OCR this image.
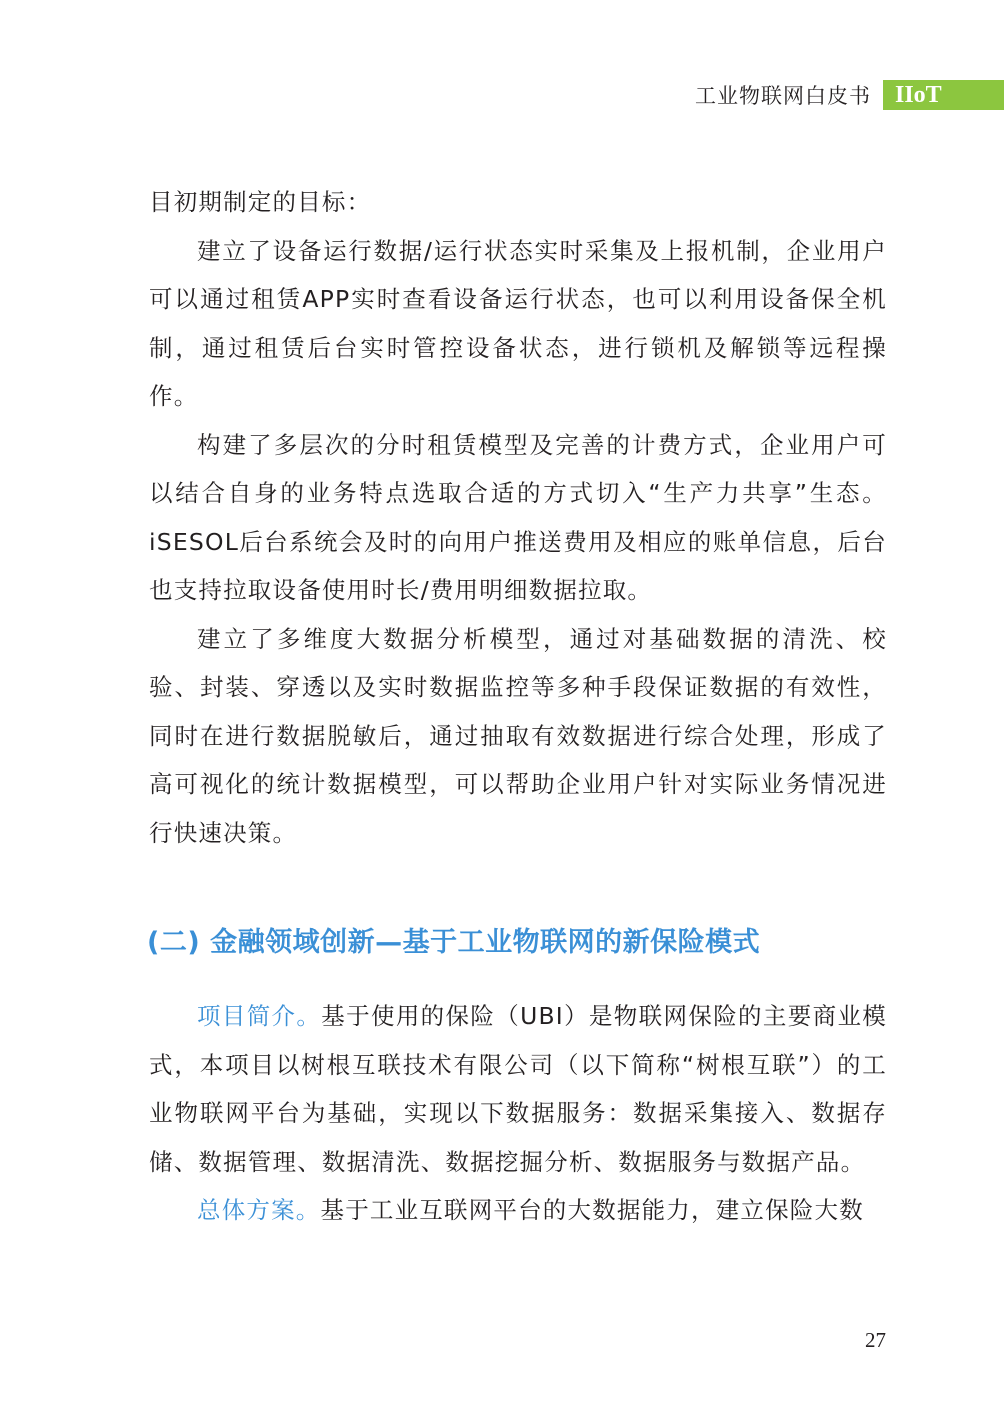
工业物联网白皮书	IIoT

目初期制定的目标：

建立了设备运行数据/运行状态实时采集及上报机制，企业用户可以通过租赁APP实时查看设备运行状态，也可以利用设备保全机制，通过租赁后台实时管控设备状态，进行锁机及解锁等远程操作。

构建了多层次的分时租赁模型及完善的计费方式，企业用户可以结合自身的业务特点选取合适的方式切入“生产力共享”生态。iSESOL后台系统会及时的向用户推送费用及相应的账单信息，后台也支持拉取设备使用时长/费用明细数据拉取。

建立了多维度大数据分析模型，通过对基础数据的清洗、校验、封装、穿透以及实时数据监控等多种手段保证数据的有效性，同时在进行数据脱敏后，通过抽取有效数据进行综合处理，形成了高可视化的统计数据模型，可以帮助企业用户针对实际业务情况进行快速决策。

(二) 金融领域创新—基于工业物联网的新保险模式

项目简介。基于使用的保险（UBI）是物联网保险的主要商业模式，本项目以树根互联技术有限公司（以下简称“树根互联”）的工业物联网平台为基础，实现以下数据服务：数据采集接入、数据存储、数据管理、数据清洗、数据挖掘分析、数据服务与数据产品。

总体方案。基于工业互联网平台的大数据能力，建立保险大数

27
